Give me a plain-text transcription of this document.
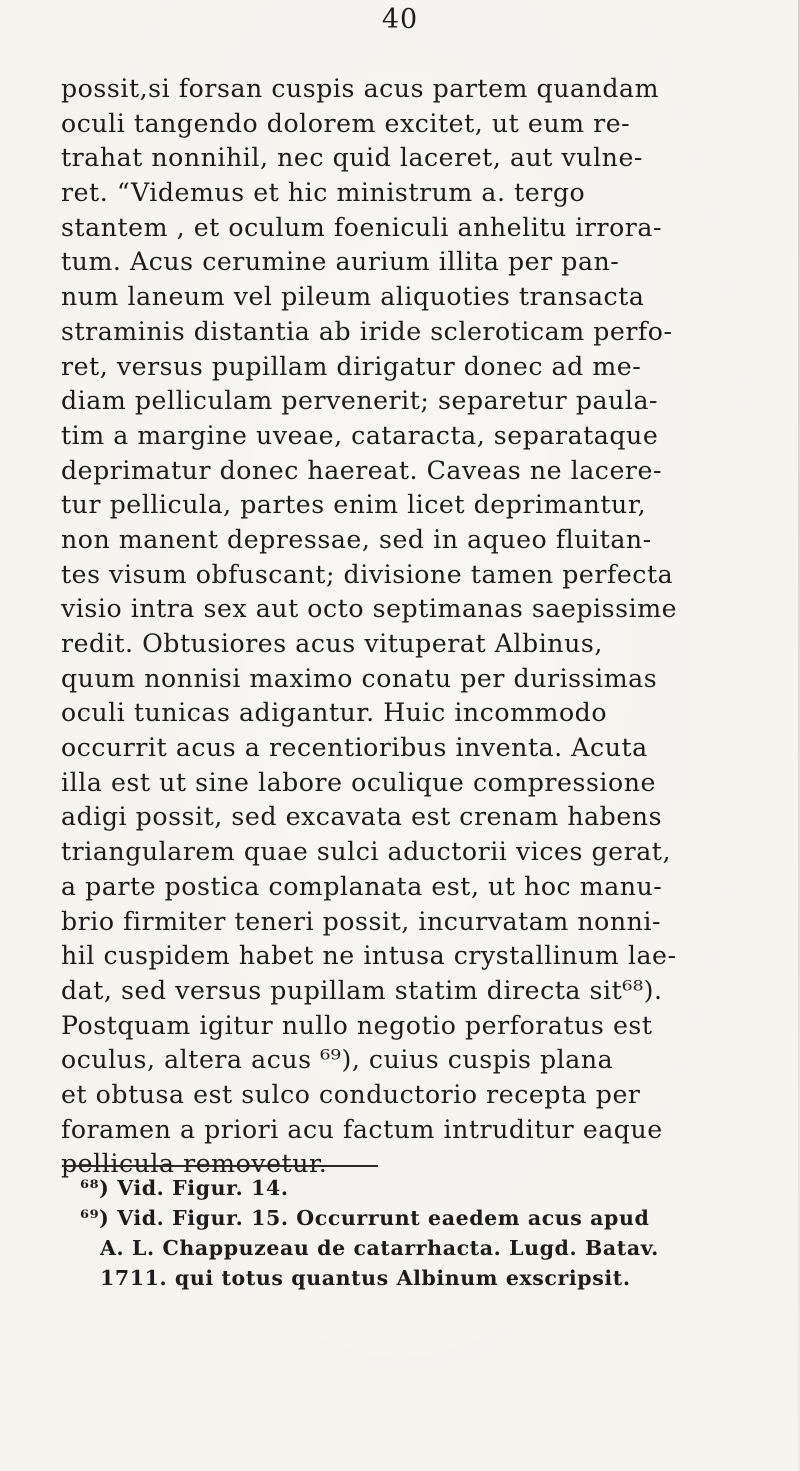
40
possit,si forsan cuspis acus partem quandam
oculi tangendo dolorem excitet, ut eum re-
trahat nonnihil, nec quid laceret, aut vulne-
ret. “Videmus et hic ministrum a. tergo
stantem , et oculum foeniculi anhelitu irrora-
tum. Acus cerumine aurium illita per pan-
num laneum vel pileum aliquoties transacta
straminis distantia ab iride scleroticam perfo-
ret, versus pupillam dirigatur donec ad me-
diam pelliculam pervenerit; separetur paula-
tim a margine uveae, cataracta, separataque
deprimatur donec haereat. Caveas ne lacere-
tur pellicula, partes enim licet deprimantur,
non manent depressae, sed in aqueo fluitan-
tes visum obfuscant; divisione tamen perfecta
visio intra sex aut octo septimanas saepissime
redit. Obtusiores acus vituperat Albinus,
quum nonnisi maximo conatu per durissimas
oculi tunicas adigantur. Huic incommodo
occurrit acus a recentioribus inventa. Acuta
illa est ut sine labore oculique compressione
adigi possit, sed excavata est crenam habens
triangularem quae sulci aductorii vices gerat,
a parte postica complanata est, ut hoc manu-
brio firmiter teneri possit, incurvatam nonni-
hil cuspidem habet ne intusa crystallinum lae-
dat, sed versus pupillam statim directa sit⁶⁸).
Postquam igitur nullo negotio perforatus est
oculus, altera acus ⁶⁹), cuius cuspis plana
et obtusa est sulco conductorio recepta per
foramen a priori acu factum intruditur eaque
pellicula removetur.
⁶⁸) Vid. Figur. 14.
⁶⁹) Vid. Figur. 15. Occurrunt eaedem acus apud
A. L. Chappuzeau de catarrhacta. Lugd. Batav.
1711. qui totus quantus Albinum exscripsit.
